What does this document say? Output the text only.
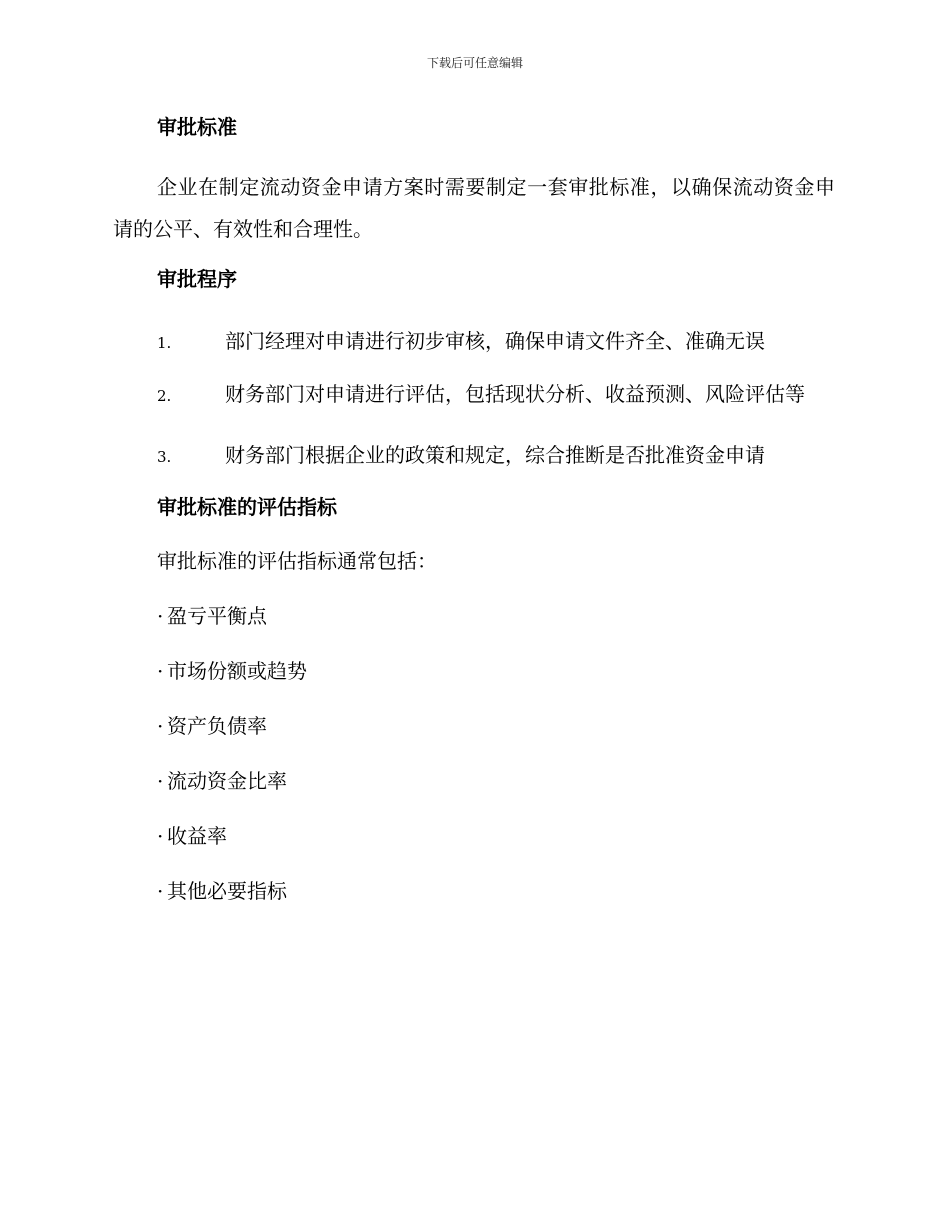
下载后可任意编辑
审批标准

企业在制定流动资金申请方案时需要制定一套审批标准，以确保流动资金申请的公平、有效性和合理性。

审批程序

1.	部门经理对申请进行初步审核，确保申请文件齐全、准确无误

2.	财务部门对申请进行评估，包括现状分析、收益预测、风险评估等

3.	财务部门根据企业的政策和规定，综合推断是否批准资金申请

审批标准的评估指标
审批标准的评估指标通常包括：
· 盈亏平衡点
· 市场份额或趋势
· 资产负债率
· 流动资金比率
· 收益率
· 其他必要指标
